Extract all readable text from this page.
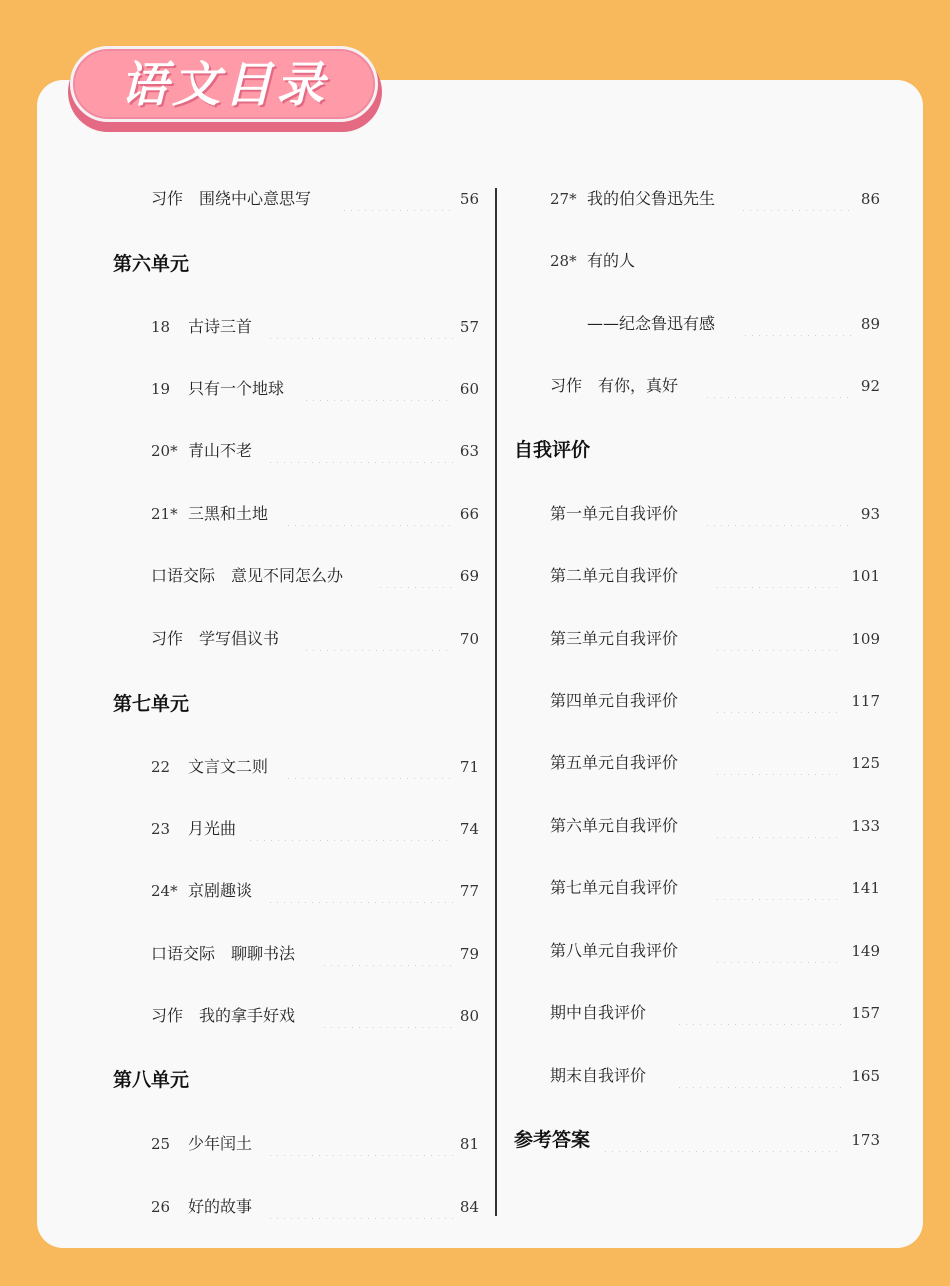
语文目录
习作　围绕中心意思写	56
第六单元
18 古诗三首	57
19 只有一个地球	60
20* 青山不老	63
21* 三黑和土地	66
口语交际　意见不同怎么办	69
习作　学写倡议书	70
第七单元
22 文言文二则	71
23 月光曲	74
24* 京剧趣谈	77
口语交际　聊聊书法	79
习作　我的拿手好戏	80
第八单元
25 少年闰土	81
26 好的故事	84
27* 我的伯父鲁迅先生	86
28* 有的人
——纪念鲁迅有感	89
习作　有你，真好	92
自我评价
第一单元自我评价	93
第二单元自我评价	101
第三单元自我评价	109
第四单元自我评价	117
第五单元自我评价	125
第六单元自我评价	133
第七单元自我评价	141
第八单元自我评价	149
期中自我评价	157
期末自我评价	165
参考答案	173
